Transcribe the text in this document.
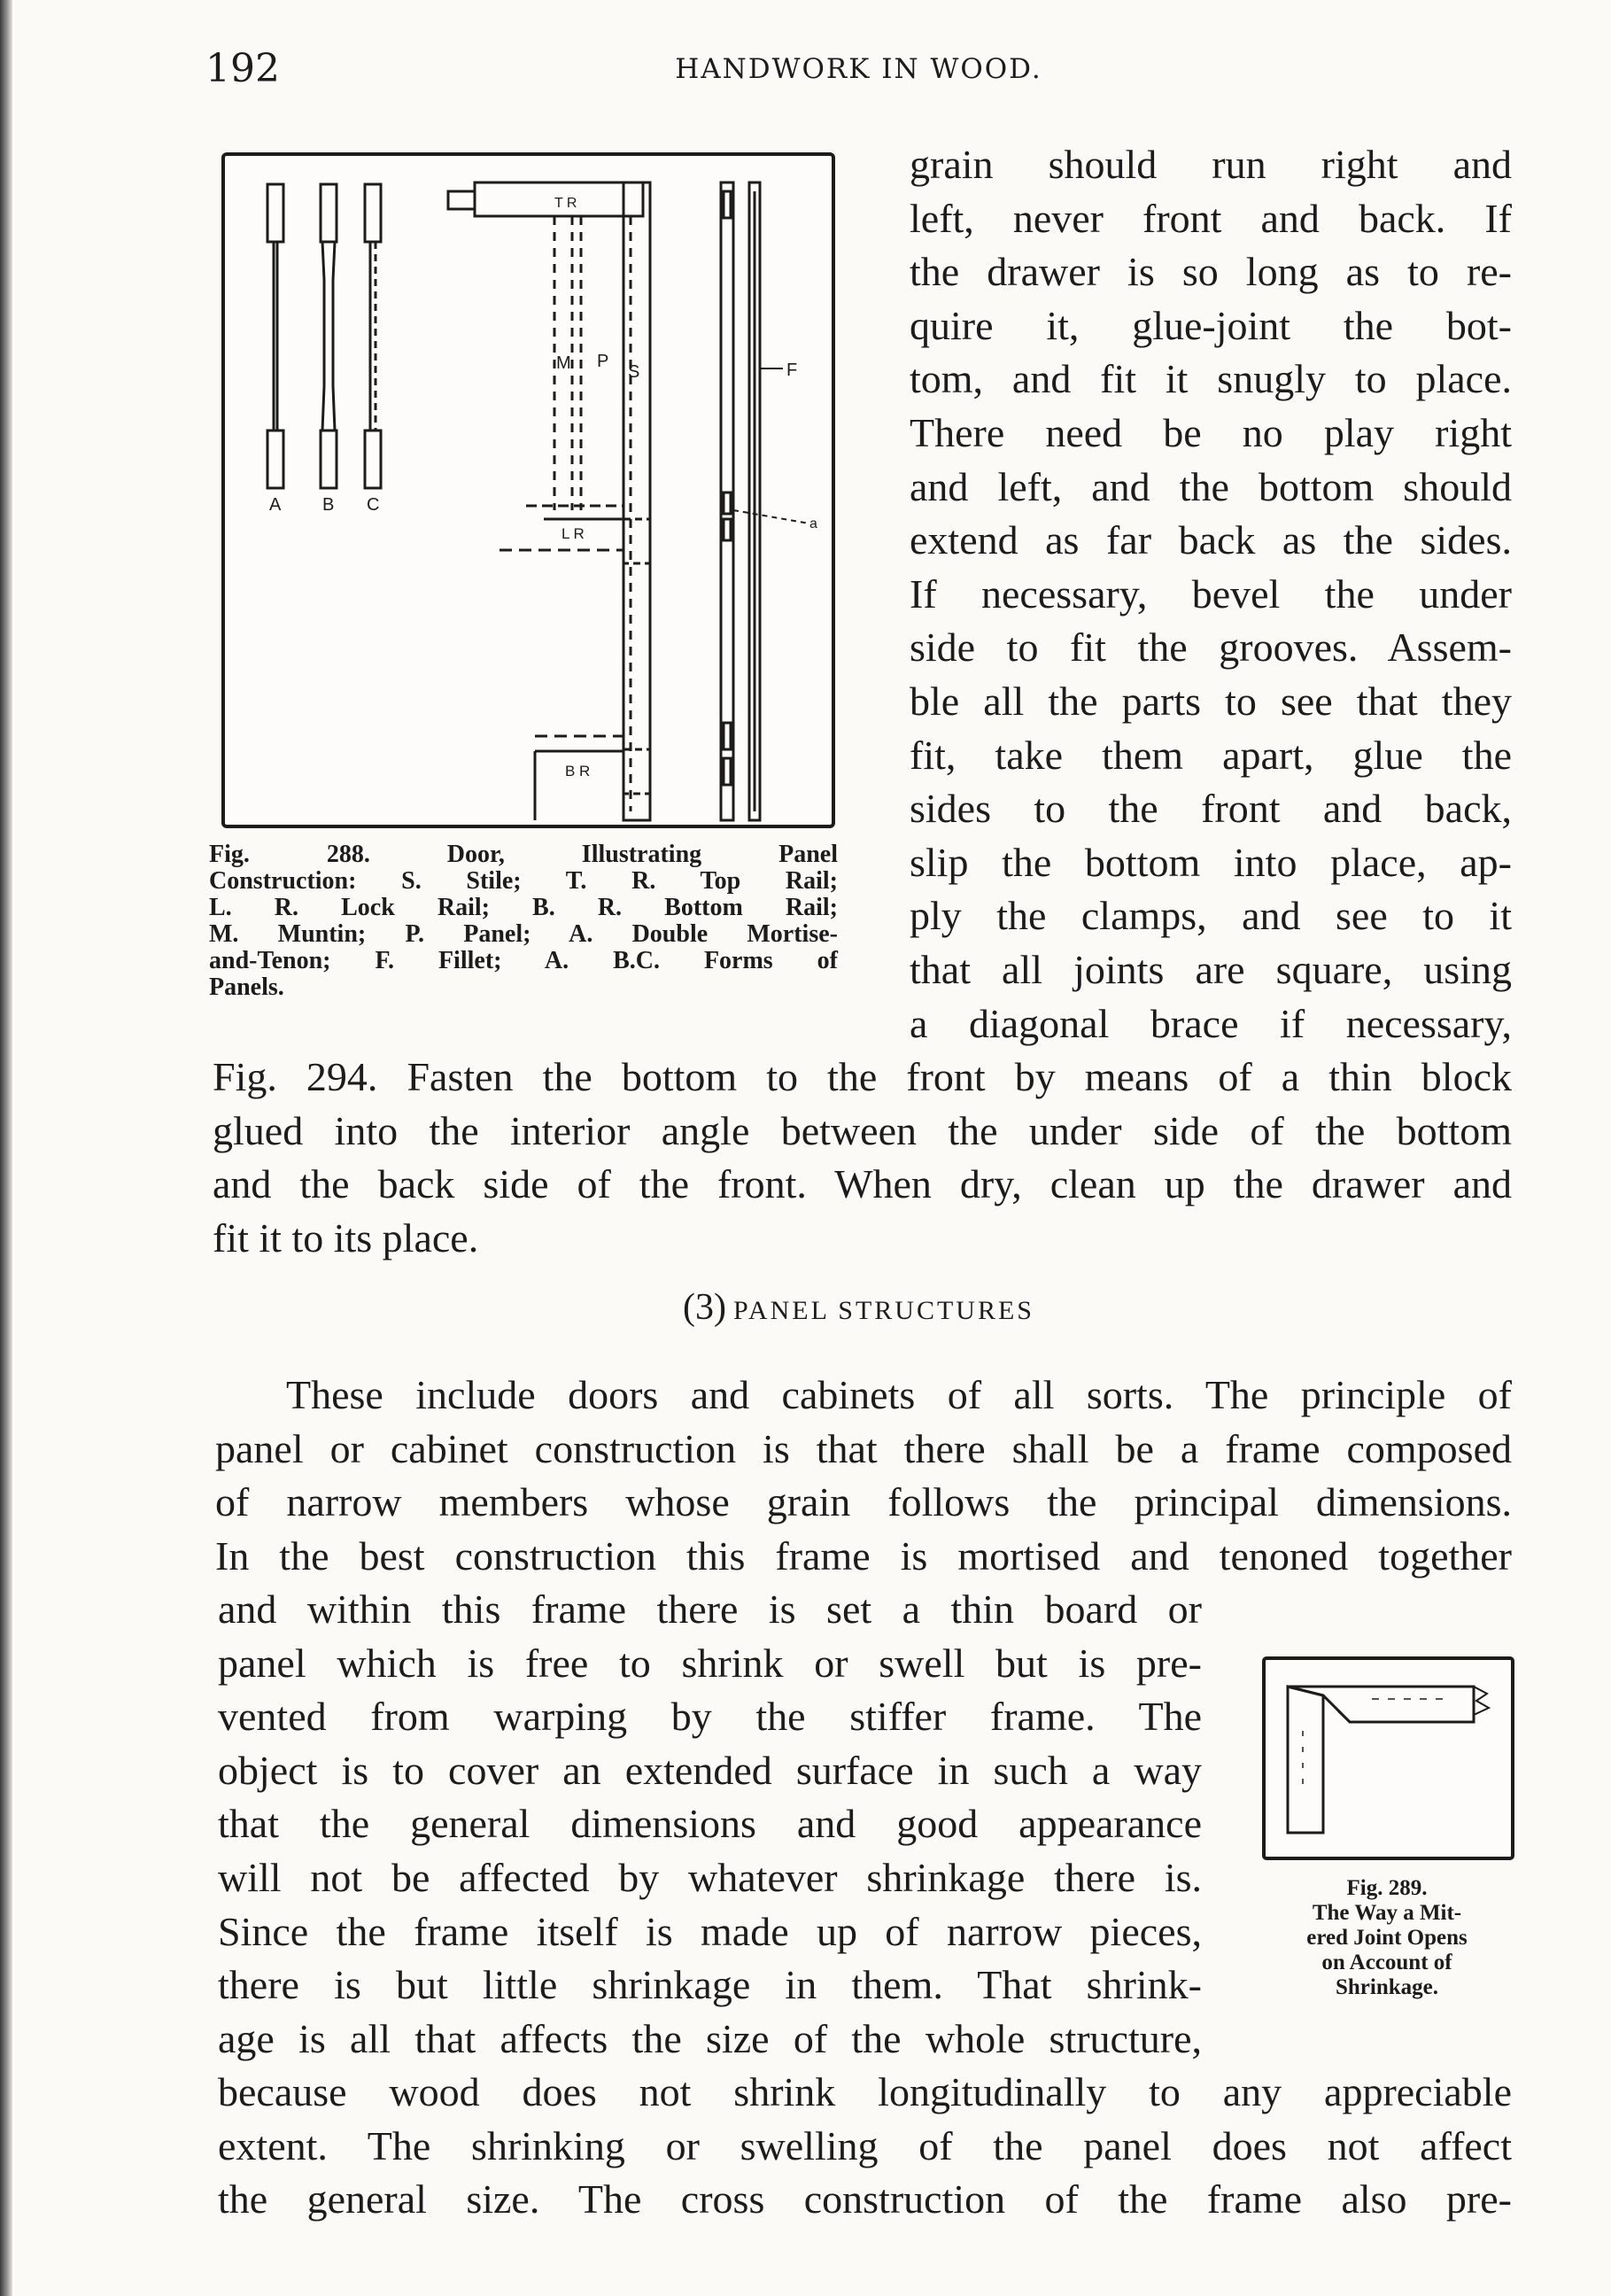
192	HANDWORK IN WOOD.
A B C
T R
M P
S
L R
B R
F
a
Fig. 288. Door, Illustrating Panel
Construction: S. Stile; T. R. Top Rail;
L. R. Lock Rail; B. R. Bottom Rail;
M. Muntin; P. Panel; A. Double Mortise-
and-Tenon; F. Fillet; A. B.C. Forms of
Panels.
grain should run right and
left, never front and back. If
the drawer is so long as to re-
quire it, glue-joint the bot-
tom, and fit it snugly to place.
There need be no play right
and left, and the bottom should
extend as far back as the sides.
If necessary, bevel the under
side to fit the grooves. Assem-
ble all the parts to see that they
fit, take them apart, glue the
sides to the front and back,
slip the bottom into place, ap-
ply the clamps, and see to it
that all joints are square, using
a diagonal brace if necessary,
Fig. 294. Fasten the bottom to the front by means of a thin block
glued into the interior angle between the under side of the bottom
and the back side of the front. When dry, clean up the drawer and
fit it to its place.
(3) PANEL STRUCTURES
These include doors and cabinets of all sorts. The principle of
panel or cabinet construction is that there shall be a frame composed
of narrow members whose grain follows the principal dimensions.
In the best construction this frame is mortised and tenoned together
and within this frame there is set a thin board or
panel which is free to shrink or swell but is pre-
vented from warping by the stiffer frame. The
object is to cover an extended surface in such a way
that the general dimensions and good appearance
will not be affected by whatever shrinkage there is.
Since the frame itself is made up of narrow pieces,
there is but little shrinkage in them. That shrink-
age is all that affects the size of the whole structure,
because wood does not shrink longitudinally to any appreciable
extent. The shrinking or swelling of the panel does not affect
the general size. The cross construction of the frame also pre-
Fig. 289.
The Way a Mit-
ered Joint Opens
on Account of
Shrinkage.
